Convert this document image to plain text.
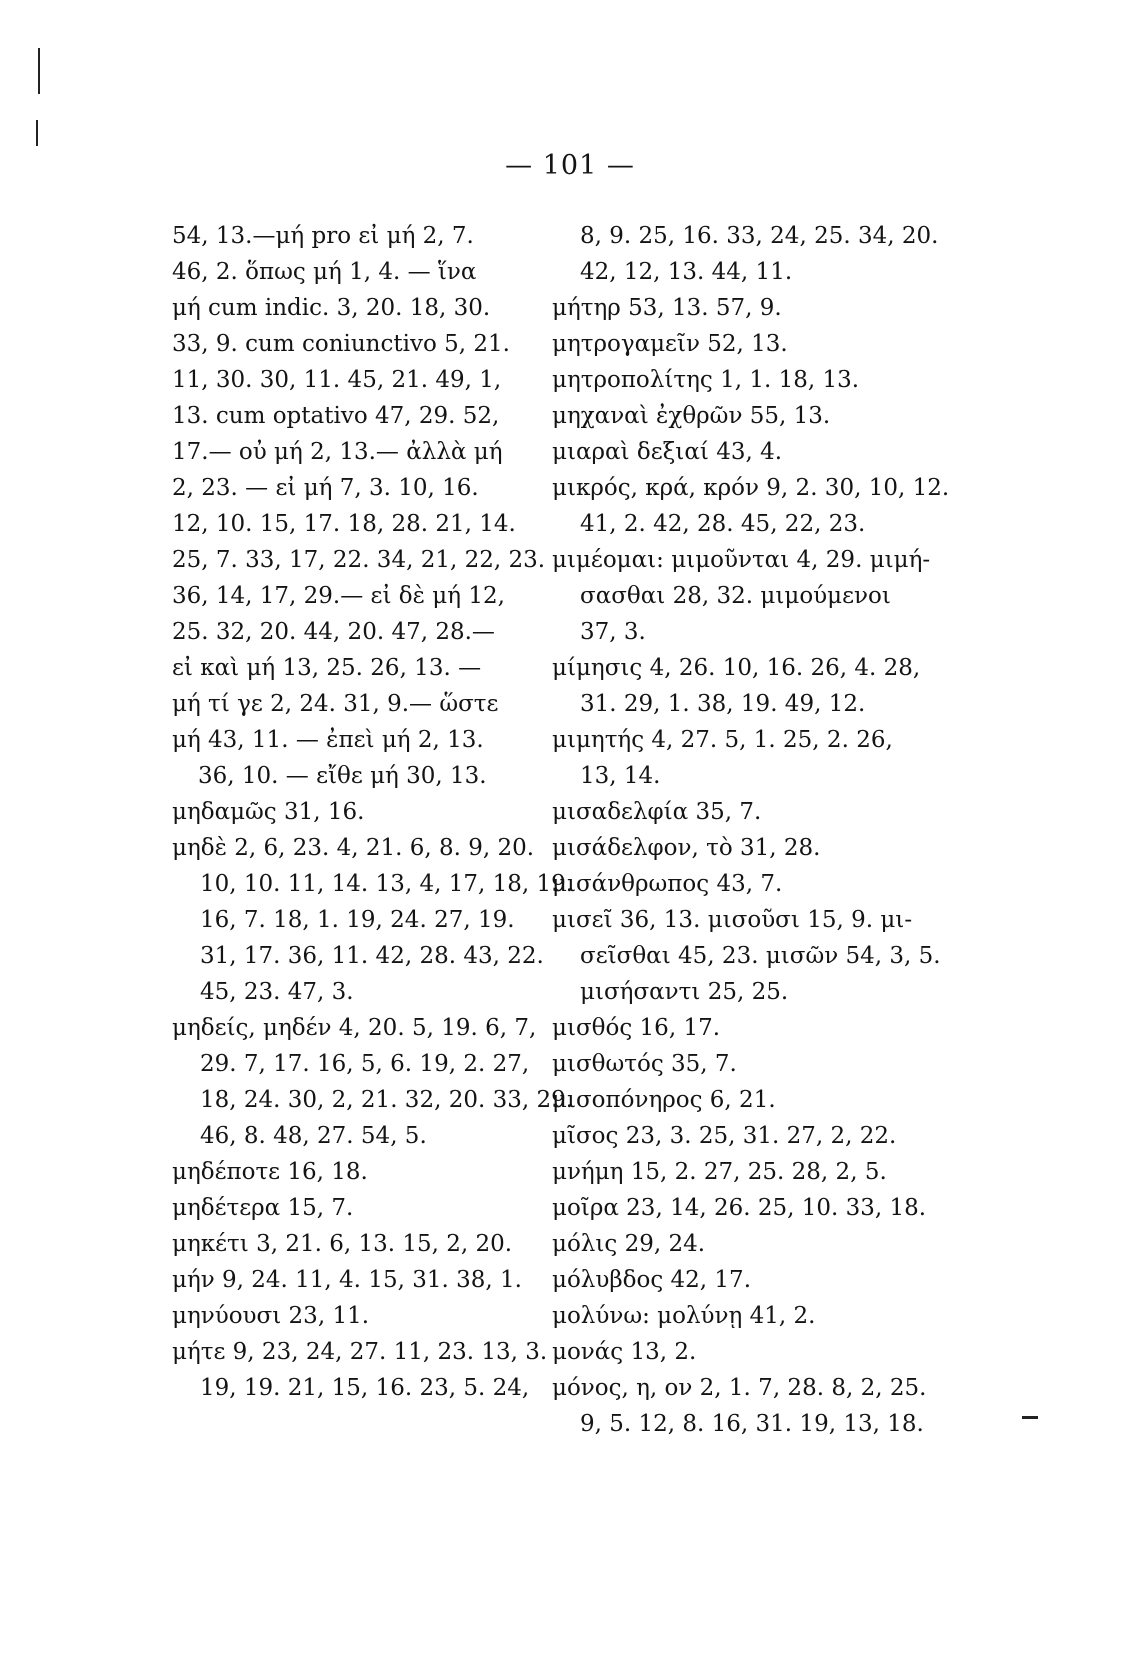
— 101 —
54, 13.—μή pro εἰ μή 2, 7.
46, 2. ὅπως μή 1, 4. — ἵνα
μή cum indic. 3, 20. 18, 30.
33, 9. cum coniunctivo 5, 21.
11, 30. 30, 11. 45, 21. 49, 1,
13. cum optativo 47, 29. 52,
17.— οὐ μή 2, 13.— ἀλλὰ μή
2, 23. — εἰ μή 7, 3. 10, 16.
12, 10. 15, 17. 18, 28. 21, 14.
25, 7. 33, 17, 22. 34, 21, 22, 23.
36, 14, 17, 29.— εἰ δὲ μή 12,
25. 32, 20. 44, 20. 47, 28.—
εἰ καὶ μή 13, 25. 26, 13. —
μή τί γε 2, 24. 31, 9.— ὥστε
μή 43, 11. — ἐπεὶ μή 2, 13.
36, 10. — εἴθε μή 30, 13.
μηδαμῶς 31, 16.
μηδὲ 2, 6, 23. 4, 21. 6, 8. 9, 20.
10, 10. 11, 14. 13, 4, 17, 18, 19.
16, 7. 18, 1. 19, 24. 27, 19.
31, 17. 36, 11. 42, 28. 43, 22.
45, 23. 47, 3.
μηδείς, μηδέν 4, 20. 5, 19. 6, 7,
29. 7, 17. 16, 5, 6. 19, 2. 27,
18, 24. 30, 2, 21. 32, 20. 33, 29.
46, 8. 48, 27. 54, 5.
μηδέποτε 16, 18.
μηδέτερα 15, 7.
μηκέτι 3, 21. 6, 13. 15, 2, 20.
μήν 9, 24. 11, 4. 15, 31. 38, 1.
μηνύουσι 23, 11.
μήτε 9, 23, 24, 27. 11, 23. 13, 3.
19, 19. 21, 15, 16. 23, 5. 24,
8, 9. 25, 16. 33, 24, 25. 34, 20.
42, 12, 13. 44, 11.
μήτηρ 53, 13. 57, 9.
μητρογαμεῖν 52, 13.
μητροπολίτης 1, 1. 18, 13.
μηχαναὶ ἐχθρῶν 55, 13.
μιαραὶ δεξιαί 43, 4.
μικρός, κρά, κρόν 9, 2. 30, 10, 12.
41, 2. 42, 28. 45, 22, 23.
μιμέομαι: μιμοῦνται 4, 29. μιμή-
σασθαι 28, 32. μιμούμενοι
37, 3.
μίμησις 4, 26. 10, 16. 26, 4. 28,
31. 29, 1. 38, 19. 49, 12.
μιμητής 4, 27. 5, 1. 25, 2. 26,
13, 14.
μισαδελφία 35, 7.
μισάδελφον, τὸ 31, 28.
μισάνθρωπος 43, 7.
μισεῖ 36, 13. μισοῦσι 15, 9. μι-
σεῖσθαι 45, 23. μισῶν 54, 3, 5.
μισήσαντι 25, 25.
μισθός 16, 17.
μισθωτός 35, 7.
μισοπόνηρος 6, 21.
μῖσος 23, 3. 25, 31. 27, 2, 22.
μνήμη 15, 2. 27, 25. 28, 2, 5.
μοῖρα 23, 14, 26. 25, 10. 33, 18.
μόλις 29, 24.
μόλυβδος 42, 17.
μολύνω: μολύνῃ 41, 2.
μονάς 13, 2.
μόνος, η, ον 2, 1. 7, 28. 8, 2, 25.
9, 5. 12, 8. 16, 31. 19, 13, 18.
